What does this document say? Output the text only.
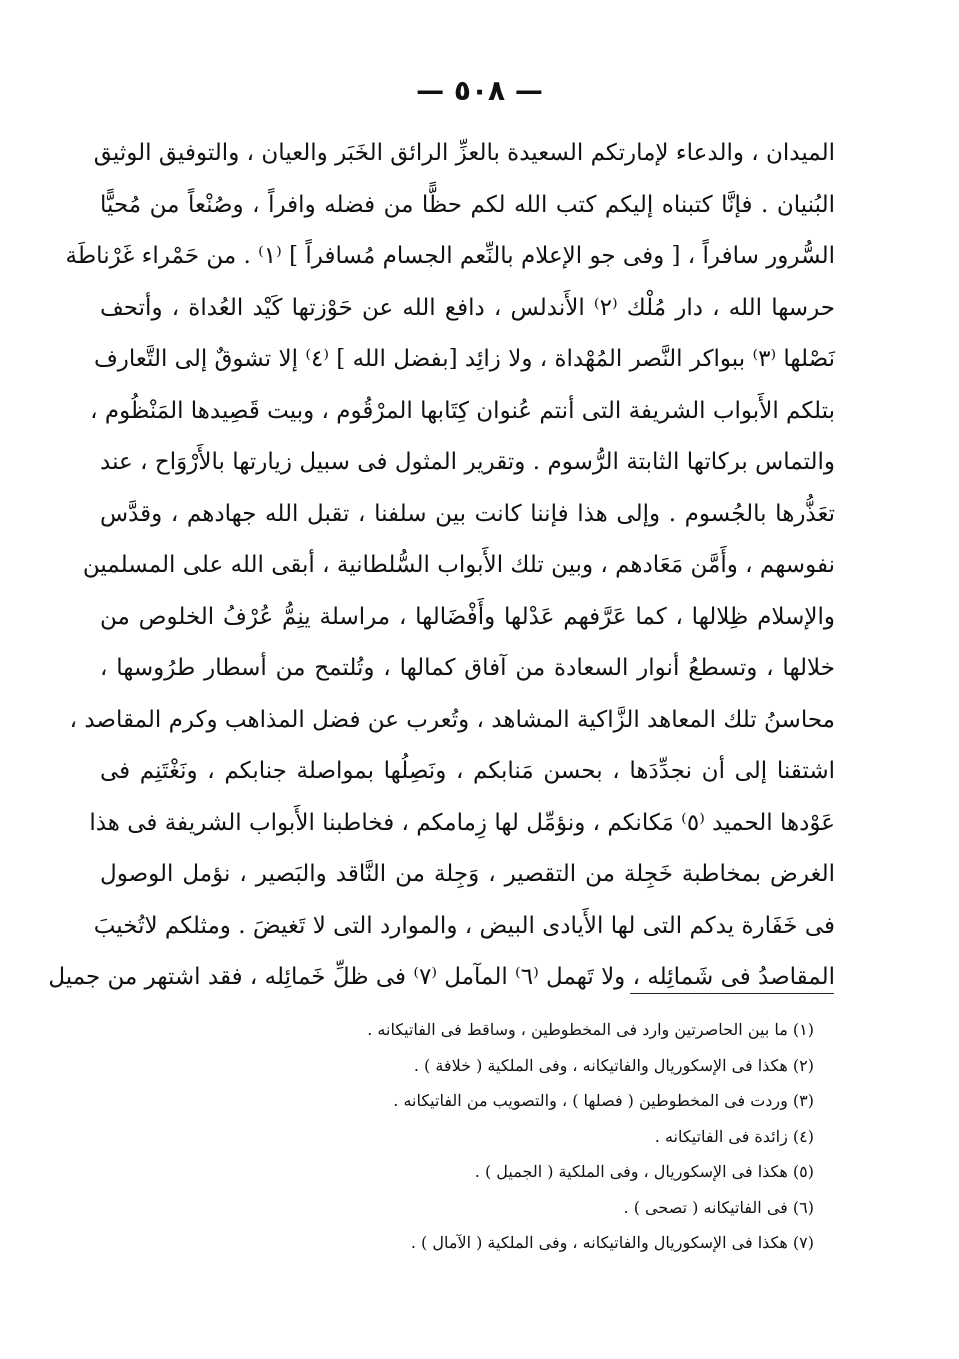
— ٥٠٨ —
الميدان ، والدعاء لإمارتكم السعيدة بالعزِّ الرائق الخَبَر والعيان ، والتوفيق الوثيق
البُنيان . فإنَّا كتبناه إليكم كتب الله لكم حظًّا من فضله وافراً ، وصُنْعاً من مُحيًّا
السُّرور سافراً ، [ وفى جو الإعلام بالنِّعم الجسام مُسافراً ] ⁽١⁾ . من حَمْراء غَرْناطَة
حرسها الله ، دار مُلْك ⁽٢⁾ الأَندلس ، دافع الله عن حَوْزتها كَيْد العُداة ، وأتحف
نَصْلها ⁽٣⁾ ببواكر النَّصر المُهْداة ، ولا زائِد [بفضل الله ] ⁽٤⁾ إلا تشوقٌ إلى التَّعارف
بتلكم الأَبواب الشريفة التى أنتم عُنوان كِتَابها المرْقُوم ، وبيت قَصِيدها المَنْظُوم ،
والتماس بركاتها الثابتة الرُّسوم . وتقرير المثول فى سبيل زيارتها بالأَرْوَاح ، عند
تعَذُّرها بالجُسوم . وإلى هذا فإننا كانت بين سلفنا ، تقبل الله جهادهم ، وقدَّس
نفوسهم ، وأَمَّن مَعَادهم ، وبين تلك الأَبواب السُّلطانية ، أبقى الله على المسلمين
والإسلام ظِلالها ، كما عَرَّفهم عَدْلها وأَفْضَالها ، مراسلة ينِمُّ عُرْفُ الخلوص من
خلالها ، وتسطعُ أنوار السعادة من آفاق كمالها ، وتُلتمح من أسطار طرُوسها ،
محاسنُ تلك المعاهد الزَّاكية المشاهد ، وتُعرب عن فضل المذاهب وكرم المقاصد ،
اشتقنا إلى أن نجدِّدَها ، بحسن مَنابكم ، ونَصِلُها بمواصلة جنابكم ، ونَغْتَنِم فى
عَوْدها الحميد ⁽٥⁾ مَكانكم ، ونؤمِّل لها زِمامكم ، فخاطبنا الأَبواب الشريفة فى هذا
الغرض بمخاطبة خَجِلة من التقصير ، وَجِلة من النَّاقد والبَصير ، نؤمل الوصول
فى خَفَارة يدكم التى لها الأَيادى البيض ، والموارد التى لا تَغيضَ . ومثلكم لاتُخيبَ
المقاصدُ فى شَمائِله ، ولا تَهمل ⁽٦⁾ المآمل ⁽٧⁾ فى ظلِّ خَمائِله ، فقد اشتهر من جميل
(١) ما بين الحاصرتين وارد فى المخطوطين ، وساقط فى الفاتيكانه .
(٢) هكذا فى الإسكوريال والفاتيكانه ، وفى الملكية ( خلافة ) .
(٣) وردت فى المخطوطين ( فصلها ) ، والتصويب من الفاتيكانه .
(٤) زائدة فى الفاتيكانه .
(٥) هكذا فى الإسكوريال ، وفى الملكية ( الجميل ) .
(٦) فى الفاتيكانه ( تصحى ) .
(٧) هكذا فى الإسكوريال والفاتيكانه ، وفى الملكية ( الآمال ) .
